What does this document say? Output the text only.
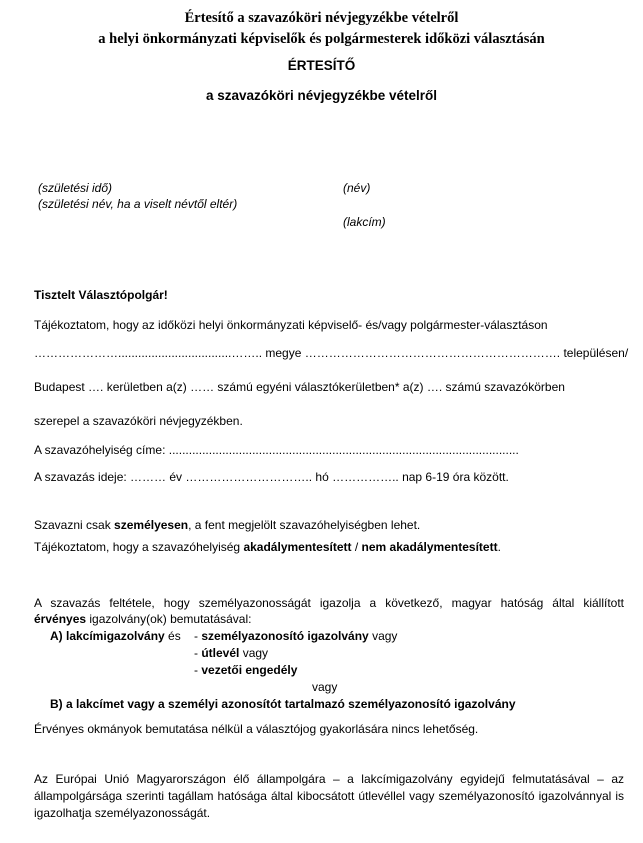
Értesítő a szavazóköri névjegyzékbe vételről
a helyi önkormányzati képviselők és polgármesterek időközi választásán
ÉRTESÍTŐ
a szavazóköri névjegyzékbe vételről
(születési idő)
(születési név, ha a viselt névtől eltér)
(név)
(lakcím)
Tisztelt Választópolgár!
Tájékoztatom, hogy az időközi helyi önkormányzati képviselő- és/vagy polgármester-választáson
…………………..................................…….. megye ………………………………………………………. településen/
Budapest …. kerületben a(z) …… számú egyéni választókerületben* a(z) …. számú szavazókörben
szerepel a szavazóköri névjegyzékben.
A szavazóhelyiség címe: .........................................................................................................
A szavazás ideje: ……… év ………………………….. hó …………….. nap 6-19 óra között.
Szavazni csak személyesen, a fent megjelölt szavazóhelyiségben lehet.
Tájékoztatom, hogy a szavazóhelyiség akadálymentesített / nem akadálymentesített.
A szavazás feltétele, hogy személyazonosságát igazolja a következő, magyar hatóság által kiállított
érvényes igazolvány(ok) bemutatásával:
A) lakcímigazolvány és - személyazonosító igazolvány vagy
- útlevél vagy
- vezetői engedély
vagy
B) a lakcímet vagy a személyi azonosítót tartalmazó személyazonosító igazolvány
Érvényes okmányok bemutatása nélkül a választójog gyakorlására nincs lehetőség.
Az Európai Unió Magyarországon élő állampolgára – a lakcímigazolvány egyidejű felmutatásával – az
állampolgársága szerinti tagállam hatósága által kibocsátott útlevéllel vagy személyazonosító igazolvánnyal is
igazolhatja személyazonosságát.
